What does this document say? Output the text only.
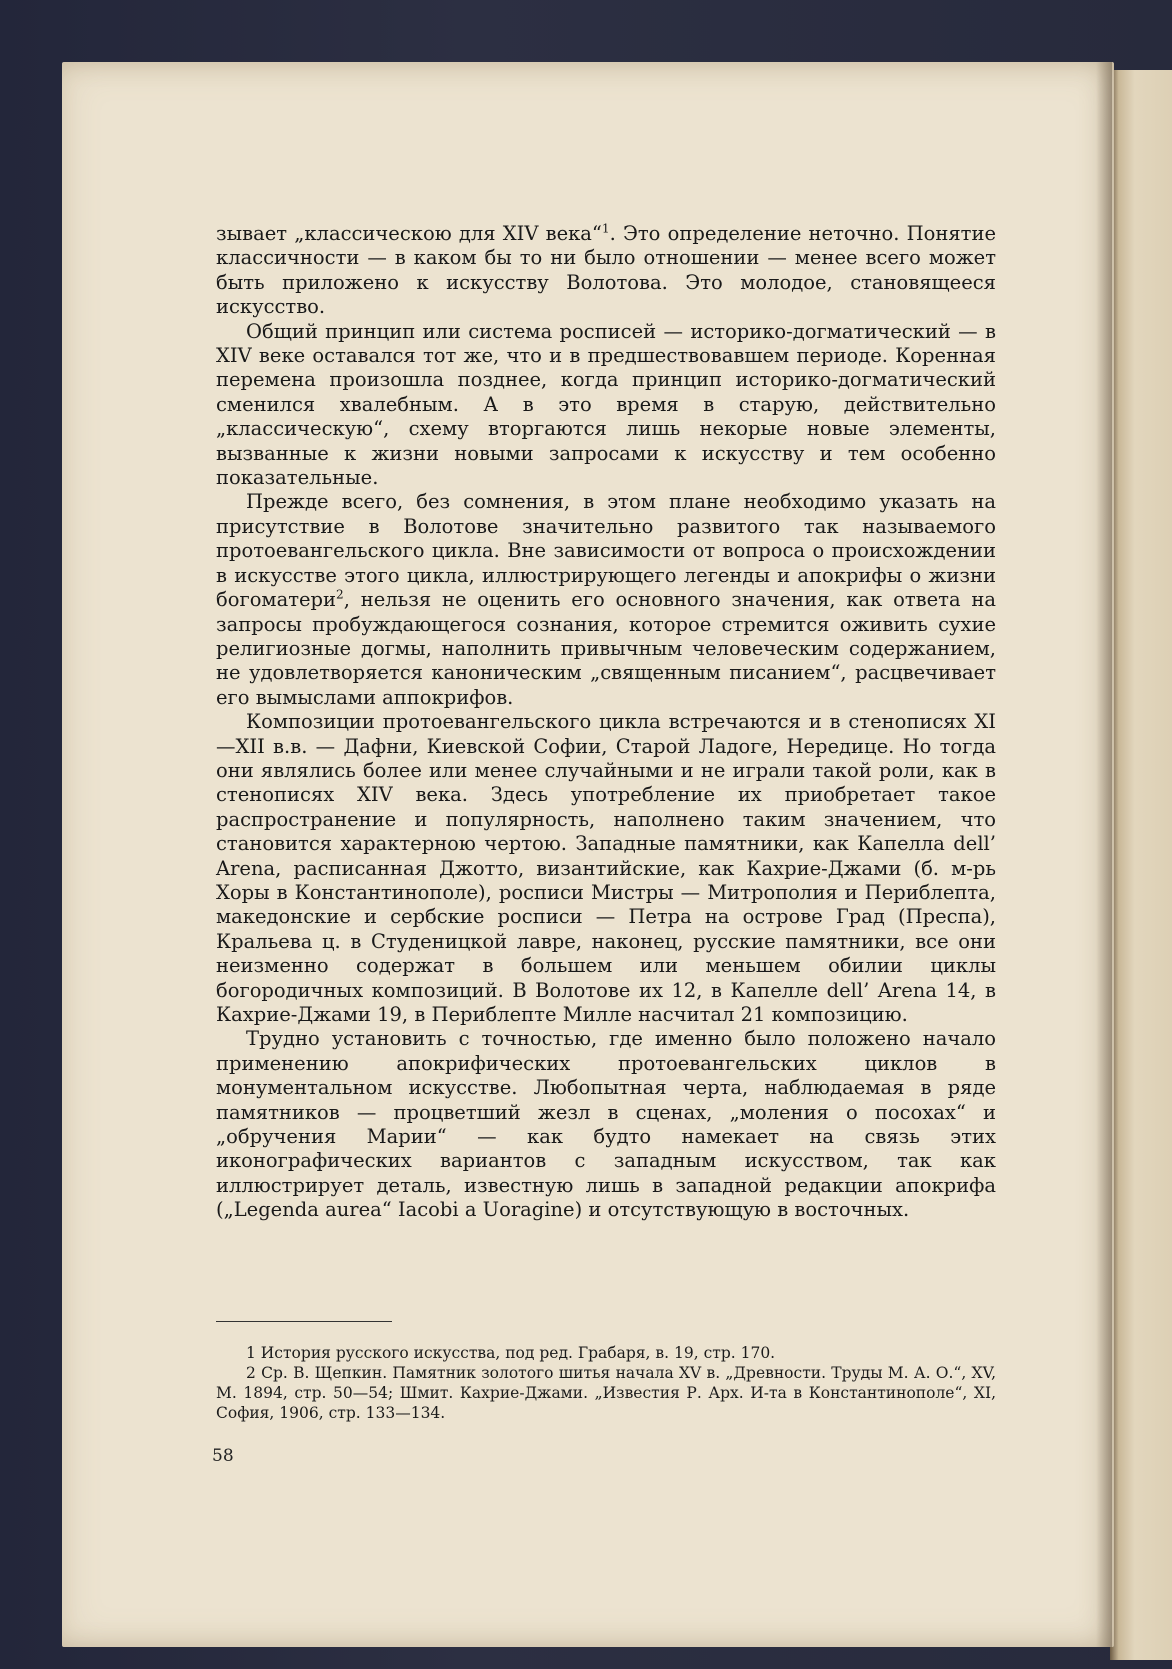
зывает „классическою для XIV века“$^1$. Это определение неточно. Понятие классичности — в каком бы то ни было отношении — менее всего может быть приложено к искусству Волотова. Это молодое, становящееся искусство.

Общий принцип или система росписей — историко-догматический — в XIV веке оставался тот же, что и в предшествовавшем периоде. Коренная перемена произошла позднее, когда принцип историко-догматический сменился хвалебным. А в это время в старую, действительно „классическую“, схему вторгаются лишь некорые новые элементы, вызванные к жизни новыми запросами к искусству и тем особенно показательные.

Прежде всего, без сомнения, в этом плане необходимо указать на присутствие в Волотове значительно развитого так называемого протоевангельского цикла. Вне зависимости от вопроса о происхождении в искусстве этого цикла, иллюстрирующего легенды и апокрифы о жизни богоматери$^2$, нельзя не оценить его основного значения, как ответа на запросы пробуждающегося сознания, которое стремится оживить сухие религиозные догмы, наполнить привычным человеческим содержанием, не удовлетворяется каноническим „священным писанием“, расцвечивает его вымыслами аппокрифов.

Композиции протоевангельского цикла встречаются и в стенописях XI—XII в.в. — Дафни, Киевской Софии, Старой Ладоге, Нередице. Но тогда они являлись более или менее случайными и не играли такой роли, как в стенописях XIV века. Здесь употребление их приобретает такое распространение и популярность, наполнено таким значением, что становится характерною чертою. Западные памятники, как Капелла dell’ Arena, расписанная Джотто, византийские, как Кахрие-Джами (б. м-рь Хоры в Константинополе), росписи Мистры — Митрополия и Периблепта, македонские и сербские росписи — Петра на острове Град (Преспа), Кральева ц. в Студеницкой лавре, наконец, русские памятники, все они неизменно содержат в большем или меньшем обилии циклы богородичных композиций. В Волотове их 12, в Капелле dell’ Arena 14, в Кахрие-Джами 19, в Периблепте Милле насчитал 21 композицию.

Трудно установить с точностью, где именно было положено начало применению апокрифических протоевангельских циклов в монументальном искусстве. Любопытная черта, наблюдаемая в ряде памятников — процветший жезл в сценах, „моления о посохах“ и „обручения Марии“ — как будто намекает на связь этих иконографических вариантов с западным искусством, так как иллюстрирует деталь, известную лишь в западной редакции апокрифа („Legenda aurea“ Iacobi a Uoragine) и отсутствующую в восточных.

1 История русского искусства, под ред. Грабаря, в. 19, стр. 170.

2 Ср. В. Щепкин. Памятник золотого шитья начала XV в. „Древности. Труды М. А. О.“, XV, М. 1894, стр. 50—54; Шмит. Кахрие-Джами. „Известия Р. Арх. И-та в Константинополе“, XI, София, 1906, стр. 133—134.

58
